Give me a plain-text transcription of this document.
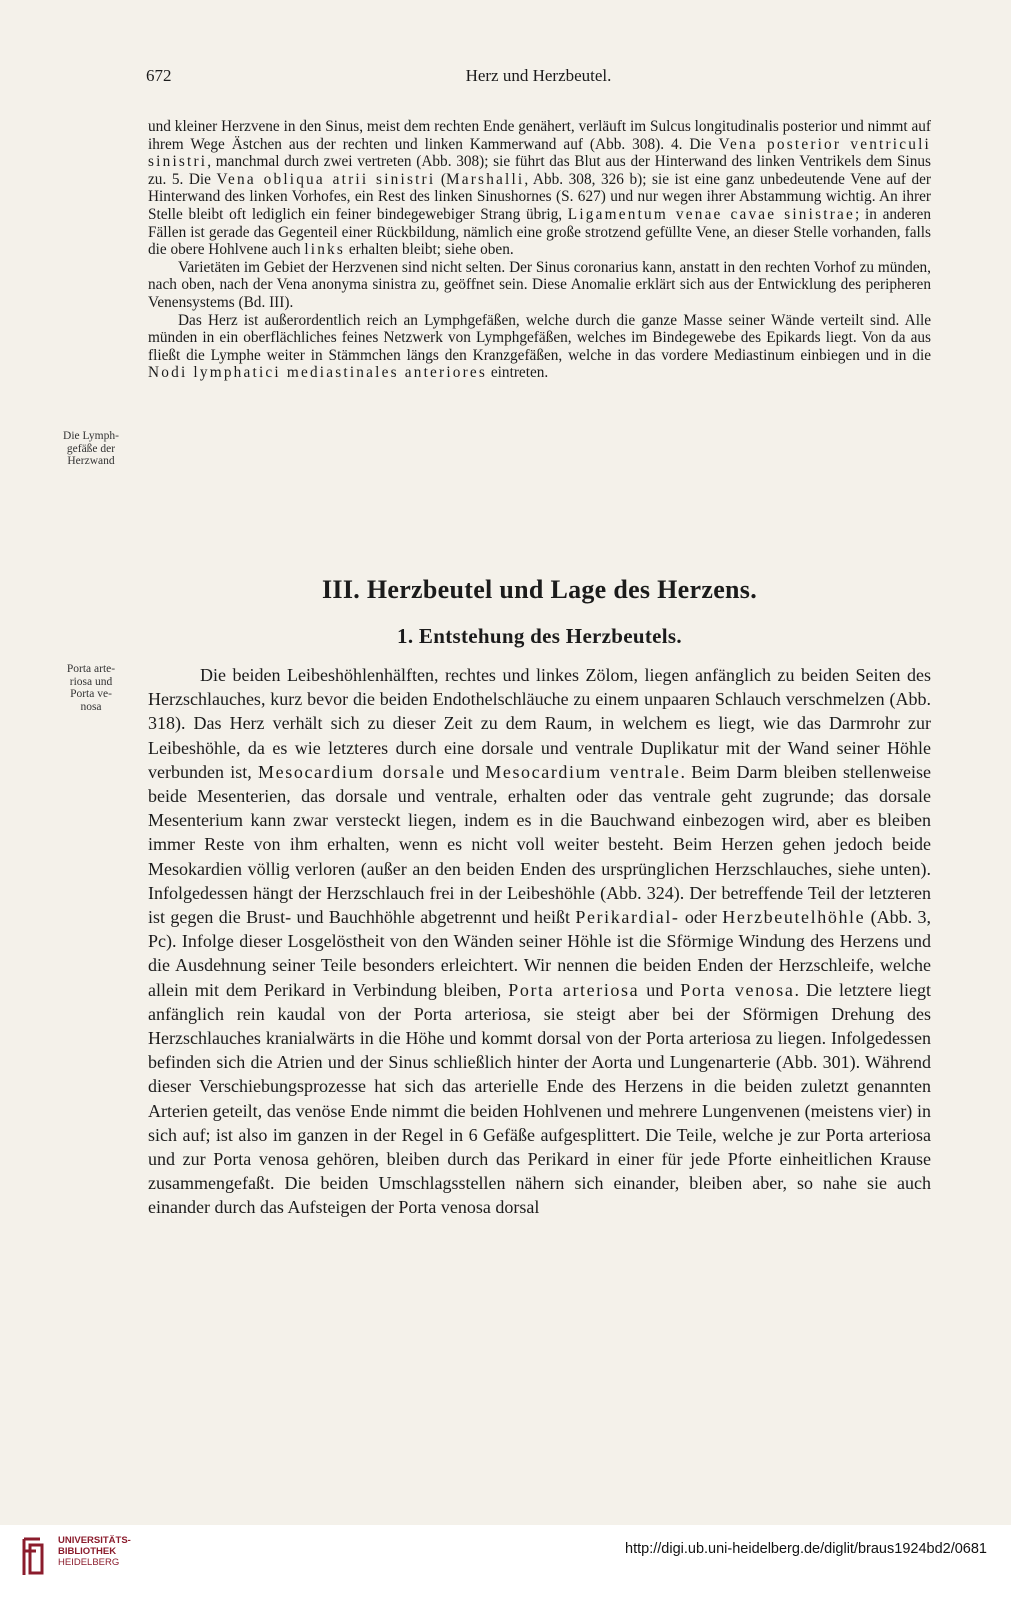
672	Herz und Herzbeutel.

und kleiner Herzvene in den Sinus, meist dem rechten Ende genähert, verläuft im Sulcus longitudinalis posterior und nimmt auf ihrem Wege Ästchen aus der rechten und linken Kammerwand auf (Abb. 308). 4. Die Vena posterior ventriculi sinistri, manchmal durch zwei vertreten (Abb. 308); sie führt das Blut aus der Hinterwand des linken Ventrikels dem Sinus zu. 5. Die Vena obliqua atrii sinistri (Marshalli, Abb. 308, 326 b); sie ist eine ganz unbedeutende Vene auf der Hinterwand des linken Vorhofes, ein Rest des linken Sinushornes (S. 627) und nur wegen ihrer Abstammung wichtig. An ihrer Stelle bleibt oft lediglich ein feiner bindegewebiger Strang übrig, Ligamentum venae cavae sinistrae; in anderen Fällen ist gerade das Gegenteil einer Rückbildung, nämlich eine große strotzend gefüllte Vene, an dieser Stelle vorhanden, falls die obere Hohlvene auch links erhalten bleibt; siehe oben.

Varietäten im Gebiet der Herzvenen sind nicht selten. Der Sinus coronarius kann, anstatt in den rechten Vorhof zu münden, nach oben, nach der Vena anonyma sinistra zu, geöffnet sein. Diese Anomalie erklärt sich aus der Entwicklung des peripheren Venensystems (Bd. III).

Das Herz ist außerordentlich reich an Lymphgefäßen, welche durch die ganze Masse seiner Wände verteilt sind. Alle münden in ein oberflächliches feines Netzwerk von Lymphgefäßen, welches im Bindegewebe des Epikards liegt. Von da aus fließt die Lymphe weiter in Stämmchen längs den Kranzgefäßen, welche in das vordere Mediastinum einbiegen und in die Nodi lymphatici mediastinales anteriores eintreten.

Die Lymph-
gefäße der
Herzwand
III. Herzbeutel und Lage des Herzens.
1. Entstehung des Herzbeutels.
Porta arte-
riosa und
Porta ve-
nosa

Die beiden Leibeshöhlenhälften, rechtes und linkes Zölom, liegen anfänglich zu beiden Seiten des Herzschlauches, kurz bevor die beiden Endothelschläuche zu einem unpaaren Schlauch verschmelzen (Abb. 318). Das Herz verhält sich zu dieser Zeit zu dem Raum, in welchem es liegt, wie das Darmrohr zur Leibeshöhle, da es wie letzteres durch eine dorsale und ventrale Duplikatur mit der Wand seiner Höhle verbunden ist, Mesocardium dorsale und Mesocardium ventrale. Beim Darm bleiben stellenweise beide Mesenterien, das dorsale und ventrale, erhalten oder das ventrale geht zugrunde; das dorsale Mesenterium kann zwar versteckt liegen, indem es in die Bauchwand einbezogen wird, aber es bleiben immer Reste von ihm erhalten, wenn es nicht voll weiter besteht. Beim Herzen gehen jedoch beide Mesokardien völlig verloren (außer an den beiden Enden des ursprünglichen Herzschlauches, siehe unten). Infolgedessen hängt der Herzschlauch frei in der Leibeshöhle (Abb. 324). Der betreffende Teil der letzteren ist gegen die Brust- und Bauchhöhle abgetrennt und heißt Perikardial- oder Herzbeutelhöhle (Abb. 3, Pc). Infolge dieser Losgelöstheit von den Wänden seiner Höhle ist die Sförmige Windung des Herzens und die Ausdehnung seiner Teile besonders erleichtert. Wir nennen die beiden Enden der Herzschleife, welche allein mit dem Perikard in Verbindung bleiben, Porta arteriosa und Porta venosa. Die letztere liegt anfänglich rein kaudal von der Porta arteriosa, sie steigt aber bei der Sförmigen Drehung des Herzschlauches kranialwärts in die Höhe und kommt dorsal von der Porta arteriosa zu liegen. Infolgedessen befinden sich die Atrien und der Sinus schließlich hinter der Aorta und Lungenarterie (Abb. 301). Während dieser Verschiebungsprozesse hat sich das arterielle Ende des Herzens in die beiden zuletzt genannten Arterien geteilt, das venöse Ende nimmt die beiden Hohlvenen und mehrere Lungenvenen (meistens vier) in sich auf; ist also im ganzen in der Regel in 6 Gefäße aufgesplittert. Die Teile, welche je zur Porta arteriosa und zur Porta venosa gehören, bleiben durch das Perikard in einer für jede Pforte einheitlichen Krause zusammengefaßt. Die beiden Umschlagsstellen nähern sich einander, bleiben aber, so nahe sie auch einander durch das Aufsteigen der Porta venosa dorsal

UNIVERSITÄTS-
BIBLIOTHEK
HEIDELBERG
http://digi.ub.uni-heidelberg.de/diglit/braus1924bd2/0681
